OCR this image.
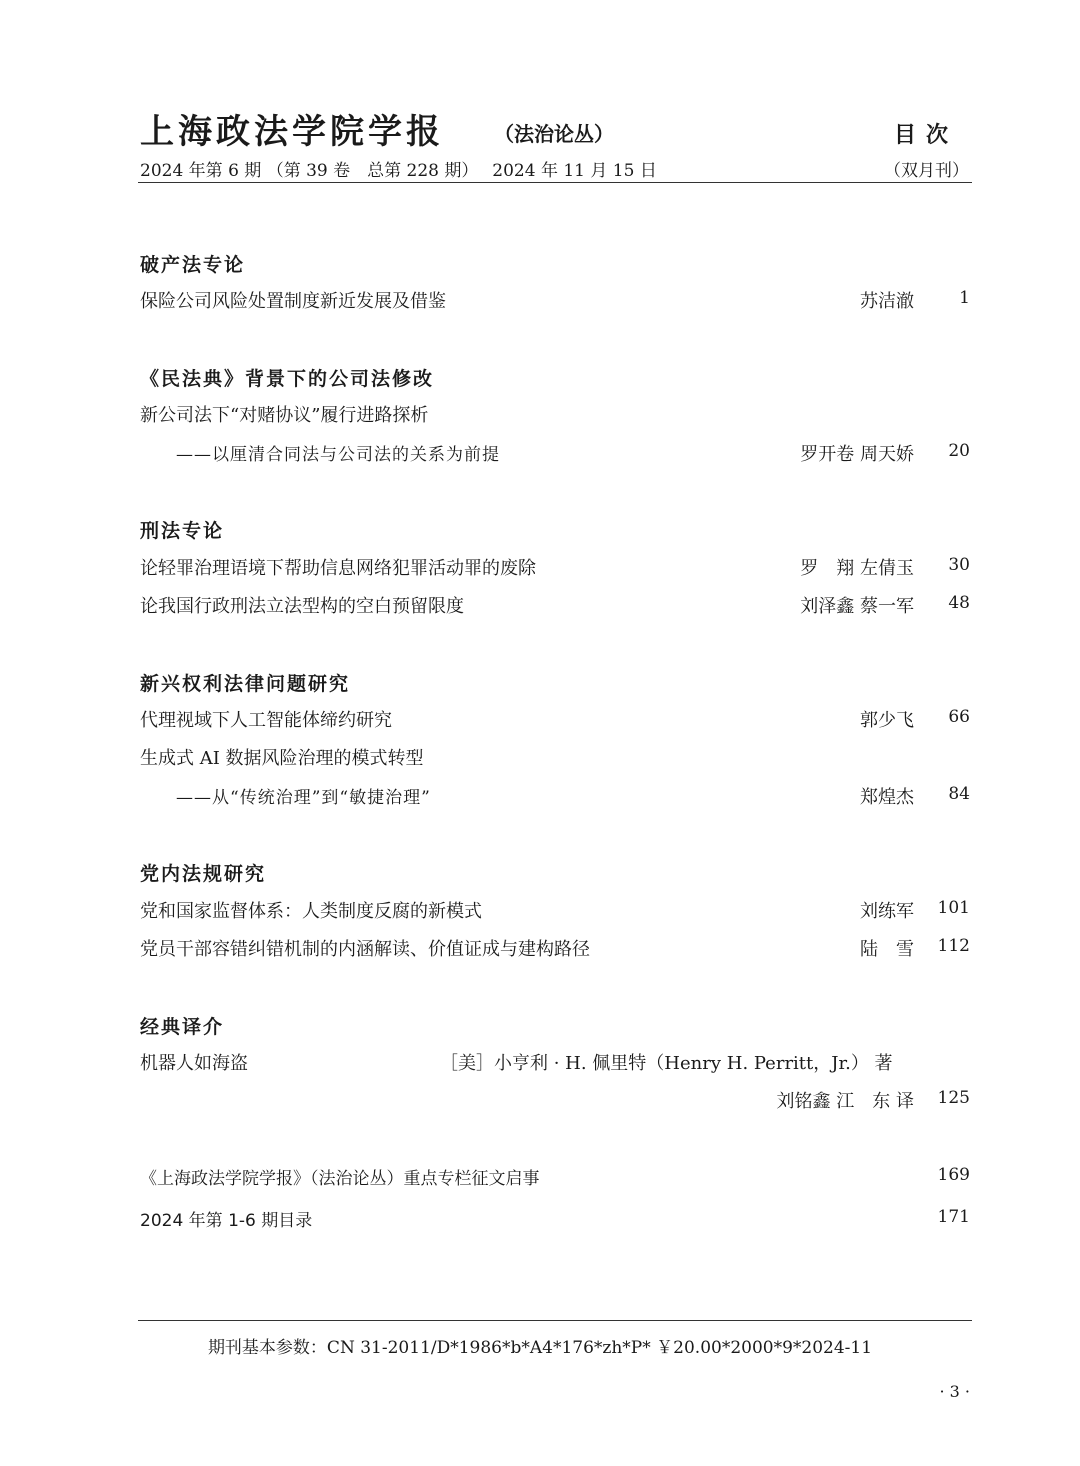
上海政法学院学报	（法治论丛）	目次
2024 年第 6 期 （第 39 卷　总第 228 期）　 2024 年 11 月 15 日	（双月刊）
破产法专论
保险公司风险处置制度新近发展及借鉴	苏洁澈	1
《民法典》背景下的公司法修改
新公司法下“对赌协议”履行进路探析
——以厘清合同法与公司法的关系为前提	罗开卷 周天娇 20
刑法专论
论轻罪治理语境下帮助信息网络犯罪活动罪的废除	罗　翔 左倩玉 30
论我国行政刑法立法型构的空白预留限度	刘泽鑫 蔡一军 48
新兴权利法律问题研究
代理视域下人工智能体缔约研究	郭少飞 66
生成式 AI 数据风险治理的模式转型
——从“传统治理”到“敏捷治理”	郑煌杰 84
党内法规研究
党和国家监督体系：人类制度反腐的新模式	刘练军 101
党员干部容错纠错机制的内涵解读、价值证成与建构路径	陆　雪 112
经典译介
机器人如海盗	［美］小亨利 · H. 佩里特（Henry H. Perritt，Jr.） 著
刘铭鑫 江　东 译 125
《上海政法学院学报》（法治论丛）重点专栏征文启事	169
2024 年第 1-6 期目录	171
期刊基本参数：CN 31-2011/D*1986*b*A4*176*zh*P* ￥20.00*2000*9*2024-11
· 3 ·
